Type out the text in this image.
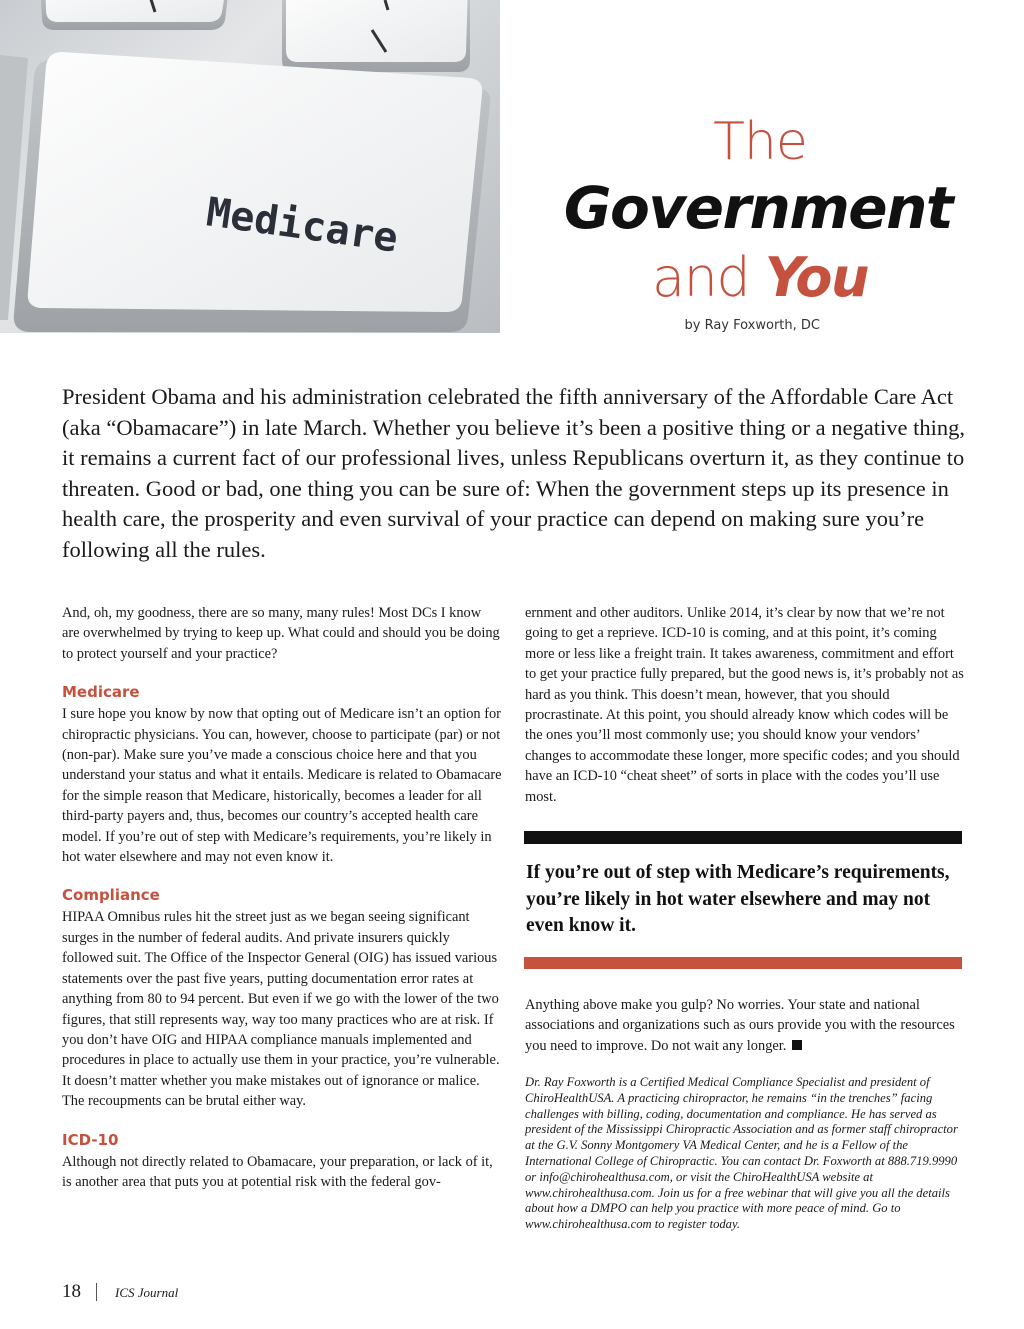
Medicare
The
Government
and You
by Ray Foxworth, DC

President Obama and his administration celebrated the fifth anniversary of the Affordable Care Act (aka “Obamacare”) in late March. Whether you believe it’s been a positive thing or a negative thing, it remains a current fact of our professional lives, unless Republicans overturn it, as they continue to threaten. Good or bad, one thing you can be sure of: When the government steps up its presence in health care, the prosperity and even survival of your practice can depend on making sure you’re following all the rules.

And, oh, my goodness, there are so many, many rules! Most DCs I know are overwhelmed by trying to keep up. What could and should you be doing to protect yourself and your practice?

Medicare

I sure hope you know by now that opting out of Medicare isn’t an option for chiropractic physicians. You can, however, choose to participate (par) or not (non-par). Make sure you’ve made a conscious choice here and that you understand your status and what it entails. Medicare is related to Obamacare for the simple reason that Medicare, historically, becomes a leader for all third-party payers and, thus, becomes our country’s accepted health care model. If you’re out of step with Medicare’s requirements, you’re likely in hot water elsewhere and may not even know it.

Compliance

HIPAA Omnibus rules hit the street just as we began seeing significant surges in the number of federal audits. And private insurers quickly followed suit. The Office of the Inspector General (OIG) has issued various statements over the past five years, putting documentation error rates at anything from 80 to 94 percent. But even if we go with the lower of the two figures, that still represents way, way too many practices who are at risk. If you don’t have OIG and HIPAA compliance manuals implemented and procedures in place to actually use them in your practice, you’re vulnerable. It doesn’t matter whether you make mistakes out of ignorance or malice. The recoupments can be brutal either way.

ICD-10

Although not directly related to Obamacare, your preparation, or lack of it, is another area that puts you at potential risk with the federal gov-

ernment and other auditors. Unlike 2014, it’s clear by now that we’re not going to get a reprieve. ICD-10 is coming, and at this point, it’s coming more or less like a freight train. It takes awareness, commitment and effort to get your practice fully prepared, but the good news is, it’s probably not as hard as you think. This doesn’t mean, however, that you should procrastinate. At this point, you should already know which codes will be the ones you’ll most commonly use; you should know your vendors’ changes to accommodate these longer, more specific codes; and you should have an ICD-10 “cheat sheet” of sorts in place with the codes you’ll use most.

If you’re out of step with Medicare’s requirements, you’re likely in hot water elsewhere and may not even know it.

Anything above make you gulp? No worries. Your state and national associations and organizations such as ours provide you with the resources you need to improve. Do not wait any longer.

Dr. Ray Foxworth is a Certified Medical Compliance Specialist and president of ChiroHealthUSA. A practicing chiropractor, he remains “in the trenches” facing challenges with billing, coding, documentation and compliance. He has served as president of the Mississippi Chiropractic Association and as former staff chiropractor at the G.V. Sonny Montgomery VA Medical Center, and he is a Fellow of the International College of Chiropractic. You can contact Dr. Foxworth at 888.719.9990 or info@chirohealthusa.com, or visit the ChiroHealthUSA website at www.chirohealthusa.com. Join us for a free webinar that will give you all the details about how a DMPO can help you practice with more peace of mind. Go to www.chirohealthusa.com to register today.

18	ICS Journal
